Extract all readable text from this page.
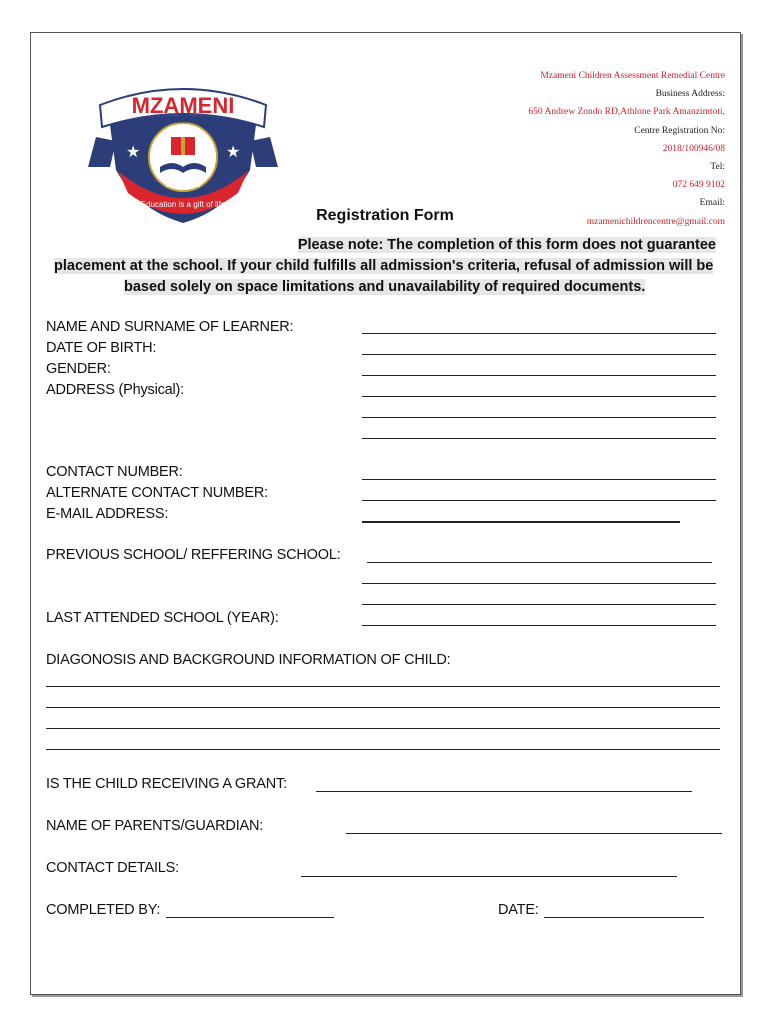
★	★
MZAMENI
CHILDREN ASSESSMENT REMEDIAL CENTRE
Since 2018
Education is a gift of life
Mzameni Children Assessment Remedial Centre
Business Address:
650 Andrew Zondo RD,Athlone Park Amanzimtoti,
Centre Registration No:
2018/100946/08
Tel:
072 649 9102
Email:
mzamenichildrencentre@gmail.com
Registration Form
Please note: The completion of this form does not guarantee
placement at the school. If your child fulfills all admission's criteria, refusal of admission will be
based solely on space limitations and unavailability of required documents.
NAME AND SURNAME OF LEARNER:
DATE OF BIRTH:
GENDER:
ADDRESS (Physical):
CONTACT NUMBER:
ALTERNATE CONTACT NUMBER:
E-MAIL ADDRESS:
PREVIOUS SCHOOL/ REFFERING SCHOOL:
LAST ATTENDED SCHOOL (YEAR):
DIAGONOSIS AND BACKGROUND INFORMATION OF CHILD:
IS THE CHILD RECEIVING A GRANT:
NAME OF PARENTS/GUARDIAN:
CONTACT DETAILS:
COMPLETED BY:	DATE:
